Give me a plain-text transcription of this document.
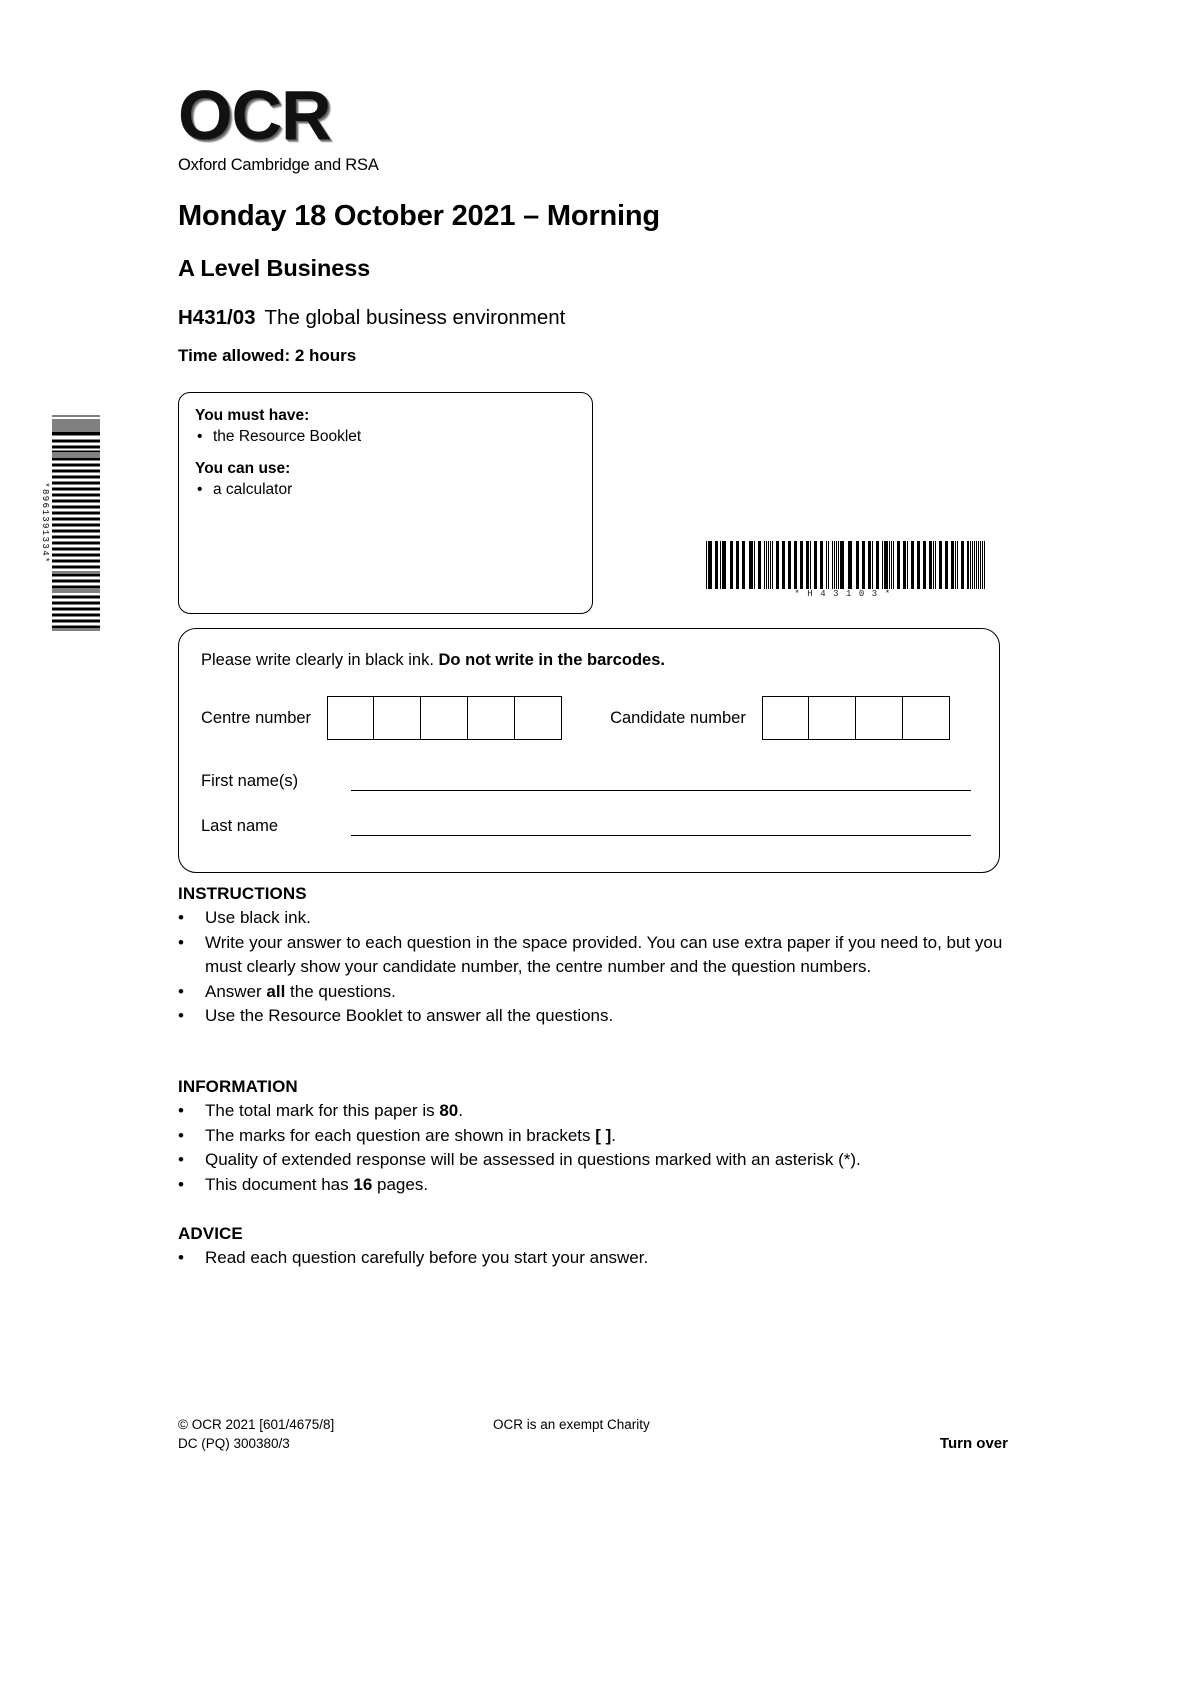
*8961391334*
OCR
Oxford Cambridge and RSA
Monday 18 October 2021 – Morning
A Level Business
H431/03 The global business environment
Time allowed: 2 hours
You must have:
• the Resource Booklet
You can use:
• a calculator
*H43103*
Please write clearly in black ink. Do not write in the barcodes.
Centre number	Candidate number
First name(s)
Last name
INSTRUCTIONS
•	Use black ink.
•	Write your answer to each question in the space provided. You can use extra paper if you need to, but you must clearly show your candidate number, the centre number and the question numbers.
•	Answer all the questions.
•	Use the Resource Booklet to answer all the questions.
INFORMATION
•	The total mark for this paper is 80.
•	The marks for each question are shown in brackets [ ].
•	Quality of extended response will be assessed in questions marked with an asterisk (*).
•	This document has 16 pages.
ADVICE
•	Read each question carefully before you start your answer.
© OCR 2021 [601/4675/8]
DC (PQ) 300380/3
OCR is an exempt Charity
Turn over
